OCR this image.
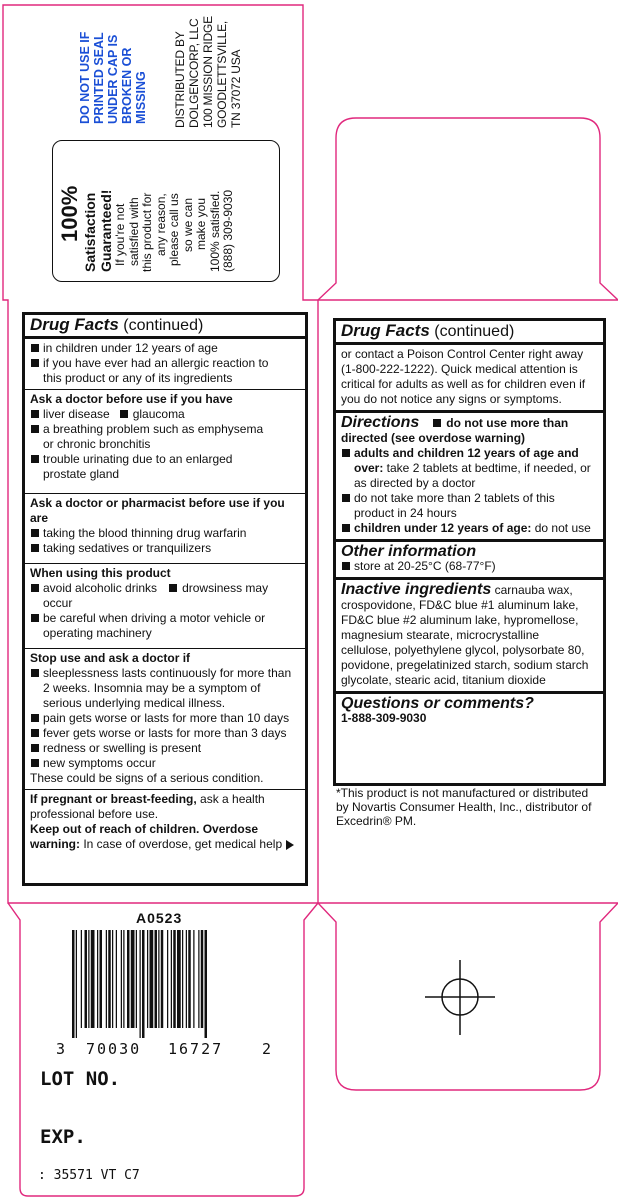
DO NOT USE IF PRINTED SEAL UNDER CAP IS BROKEN OR MISSING DISTRIBUTED BY DOLGENCORP, LLC 100 MISSION RIDGE GOODLETTSVILLE, TN 37072 USA
100% Satisfaction Guaranteed! If you're not satisfied with this product for any reason, please call us so we can make you 100% satisfied. (888) 309-9030
Drug Facts (continued)
in children under 12 years of age
if you have ever had an allergic reaction to
this product or any of its ingredients
Ask a doctor before use if you have
liver disease glaucoma
a breathing problem such as emphysema
or chronic bronchitis
trouble urinating due to an enlarged
prostate gland
Ask a doctor or pharmacist before use if you are
taking the blood thinning drug warfarin
taking sedatives or tranquilizers
When using this product
avoid alcoholic drinks drowsiness may occur
be careful when driving a motor vehicle or
operating machinery
Stop use and ask a doctor if
sleeplessness lasts continuously for more than
2 weeks. Insomnia may be a symptom of
serious underlying medical illness.
pain gets worse or lasts for more than 10 days
fever gets worse or lasts for more than 3 days
redness or swelling is present
new symptoms occur
These could be signs of a serious condition.
If pregnant or breast-feeding, ask a health
professional before use.
Keep out of reach of children. Overdose
warning: In case of overdose, get medical help
Drug Facts (continued)
or contact a Poison Control Center right away
(1-800-222-1222). Quick medical attention is
critical for adults as well as for children even if
you do not notice any signs or symptoms.
Directions do not use more than
directed (see overdose warning)
adults and children 12 years of age and
over: take 2 tablets at bedtime, if needed, or
as directed by a doctor
do not take more than 2 tablets of this
product in 24 hours
children under 12 years of age: do not use
Other information
store at 20-25°C (68-77°F)
Inactive ingredients carnauba wax,
crospovidone, FD&C blue #1 aluminum lake,
FD&C blue #2 aluminum lake, hypromellose,
magnesium stearate, microcrystalline
cellulose, polyethylene glycol, polysorbate 80,
povidone, pregelatinized starch, sodium starch
glycolate, stearic acid, titanium dioxide
Questions or comments?
1-888-309-9030
*This product is not manufactured or distributed
by Novartis Consumer Health, Inc., distributor of
Excedrin® PM.
A0523
3 70030 16727	2
LOT NO.
EXP.
: 35571 VT C7
